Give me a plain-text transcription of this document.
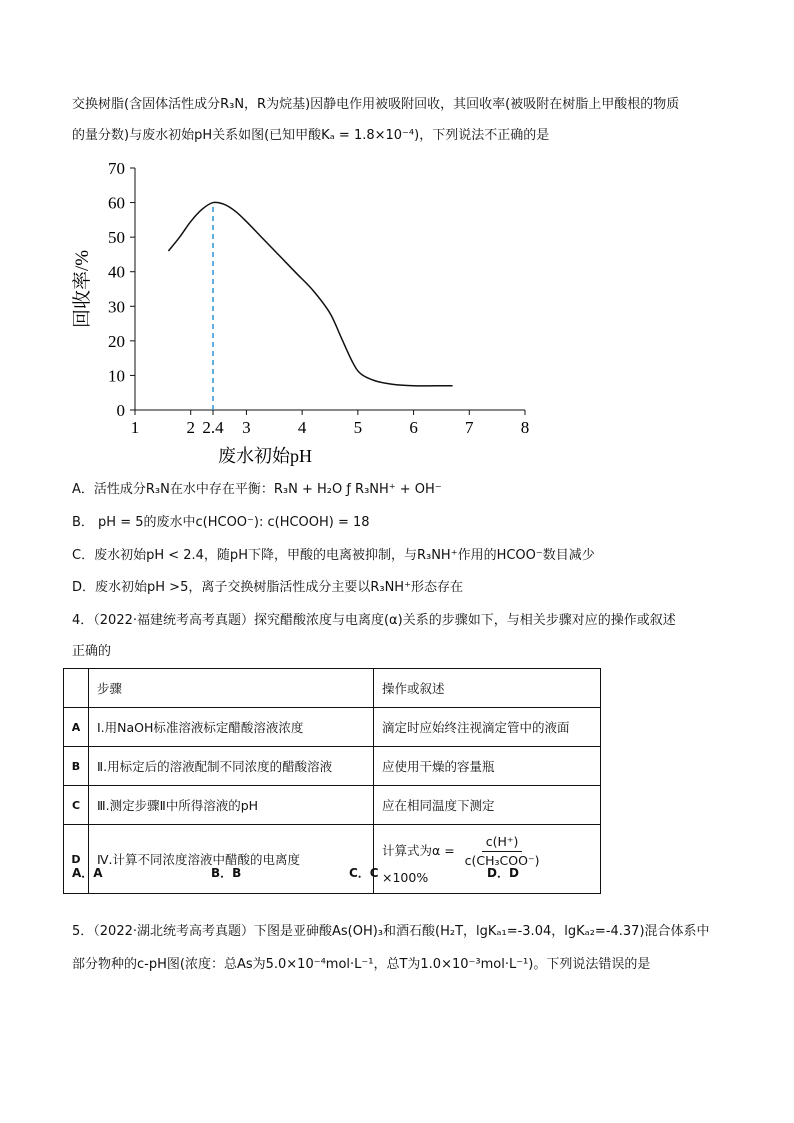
交换树脂(含固体活性成分R₃N，R为烷基)因静电作用被吸附回收，其回收率(被吸附在树脂上甲酸根的物质
的量分数)与废水初始pH关系如图(已知甲酸Kₐ = 1.8×10⁻⁴)，下列说法不正确的是
0
10
20
30
40
50
60
70
1	2 2.4 3	4	5	6	7	8
回收率/%
废水初始pH
A．活性成分R₃N在水中存在平衡：R₃N + H₂O ƒ R₃NH⁺ + OH⁻
B． pH = 5的废水中c(HCOO⁻): c(HCOOH) = 18
C．废水初始pH < 2.4，随pH下降，甲酸的电离被抑制，与R₃NH⁺作用的HCOO⁻数目减少
D．废水初始pH >5，离子交换树脂活性成分主要以R₃NH⁺形态存在
4．（2022·福建统考高考真题）探究醋酸浓度与电离度(α)关系的步骤如下，与相关步骤对应的操作或叙述
正确的
	步骤	操作或叙述
A	Ⅰ.用NaOH标准溶液标定醋酸溶液浓度	滴定时应始终注视滴定管中的液面
B	Ⅱ.用标定后的溶液配制不同浓度的醋酸溶液	应使用干燥的容量瓶
C	Ⅲ.测定步骤Ⅱ中所得溶液的pH	应在相同温度下测定
D	Ⅳ.计算不同浓度溶液中醋酸的电离度	计算式为$\alpha = \frac{c(H^+)}{\text{c(CH₃COO⁻)}}$
×100%
A．A	B．B	C．C	D．D
5．（2022·湖北统考高考真题）下图是亚砷酸As(OH)₃和酒石酸(H₂T，lgKₐ₁=-3.04，lgKₐ₂=-4.37)混合体系中
部分物种的c-pH图(浓度：总As为5.0×10⁻⁴mol·L⁻¹，总T为1.0×10⁻³mol·L⁻¹)。下列说法错误的是
